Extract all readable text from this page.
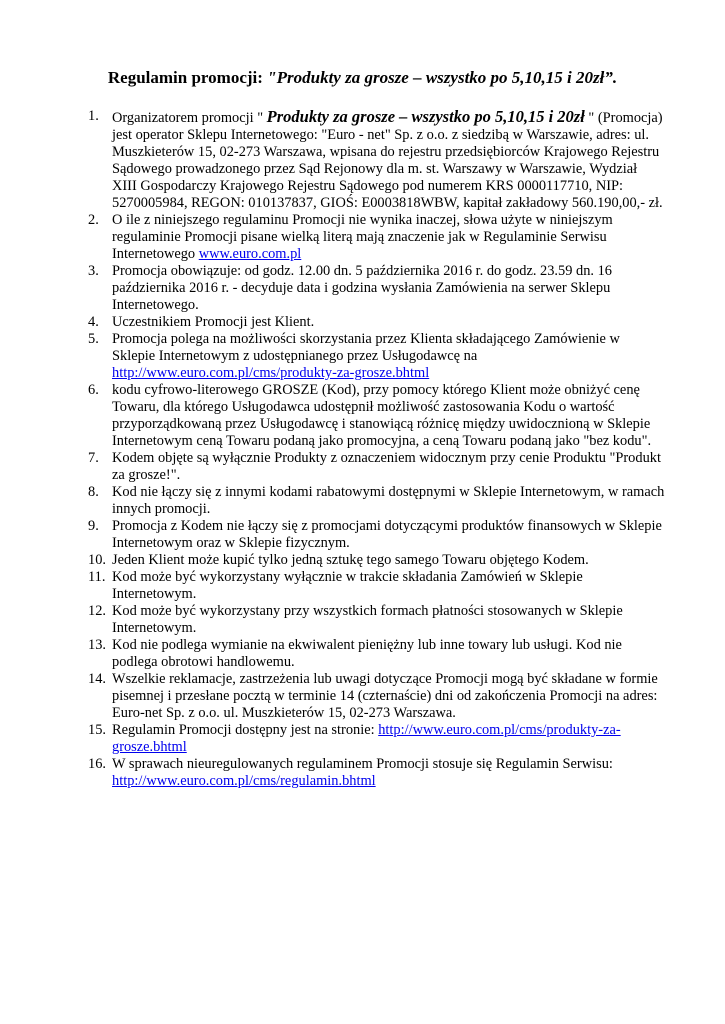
Regulamin promocji: "Produkty za grosze – wszystko po 5,10,15 i 20zł”.
1. Organizatorem promocji " Produkty za grosze – wszystko po 5,10,15 i 20zł " (Promocja) jest operator Sklepu Internetowego: "Euro - net" Sp. z o.o. z siedzibą w Warszawie, adres: ul. Muszkieterów 15, 02-273 Warszawa, wpisana do rejestru przedsiębiorców Krajowego Rejestru Sądowego prowadzonego przez Sąd Rejonowy dla m. st. Warszawy w Warszawie, Wydział XIII Gospodarczy Krajowego Rejestru Sądowego pod numerem KRS 0000117710, NIP: 5270005984, REGON: 010137837, GIOŚ: E0003818WBW, kapitał zakładowy 560.190,00,- zł.
2. O ile z niniejszego regulaminu Promocji nie wynika inaczej, słowa użyte w niniejszym regulaminie Promocji pisane wielką literą mają znaczenie jak w Regulaminie Serwisu Internetowego www.euro.com.pl
3. Promocja obowiązuje: od godz. 12.00 dn. 5 października 2016 r. do godz. 23.59 dn. 16 października 2016 r. - decyduje data i godzina wysłania Zamówienia na serwer Sklepu Internetowego.
4. Uczestnikiem Promocji jest Klient.
5. Promocja polega na możliwości skorzystania przez Klienta składającego Zamówienie w Sklepie Internetowym z udostępnianego przez Usługodawcę na http://www.euro.com.pl/cms/produkty-za-grosze.bhtml
6. kodu cyfrowo-literowego GROSZE (Kod), przy pomocy którego Klient może obniżyć cenę Towaru, dla którego Usługodawca udostępnił możliwość zastosowania Kodu o wartość przyporządkowaną przez Usługodawcę i stanowiącą różnicę między uwidocznioną w Sklepie Internetowym ceną Towaru podaną jako promocyjna, a ceną Towaru podaną jako "bez kodu".
7. Kodem objęte są wyłącznie Produkty z oznaczeniem widocznym przy cenie Produktu "Produkt za grosze!".
8. Kod nie łączy się z innymi kodami rabatowymi dostępnymi w Sklepie Internetowym, w ramach innych promocji.
9. Promocja z Kodem nie łączy się z promocjami dotyczącymi produktów finansowych w Sklepie Internetowym oraz w Sklepie fizycznym.
10. Jeden Klient może kupić tylko jedną sztukę tego samego Towaru objętego Kodem.
11. Kod może być wykorzystany wyłącznie w trakcie składania Zamówień w Sklepie Internetowym.
12. Kod może być wykorzystany przy wszystkich formach płatności stosowanych w Sklepie Internetowym.
13. Kod nie podlega wymianie na ekwiwalent pieniężny lub inne towary lub usługi. Kod nie podlega obrotowi handlowemu.
14. Wszelkie reklamacje, zastrzeżenia lub uwagi dotyczące Promocji mogą być składane w formie pisemnej i przesłane pocztą w terminie 14 (czternaście) dni od zakończenia Promocji na adres: Euro-net Sp. z o.o. ul. Muszkieterów 15, 02-273 Warszawa.
15. Regulamin Promocji dostępny jest na stronie: http://www.euro.com.pl/cms/produkty-za-grosze.bhtml
16. W sprawach nieuregulowanych regulaminem Promocji stosuje się Regulamin Serwisu: http://www.euro.com.pl/cms/regulamin.bhtml
